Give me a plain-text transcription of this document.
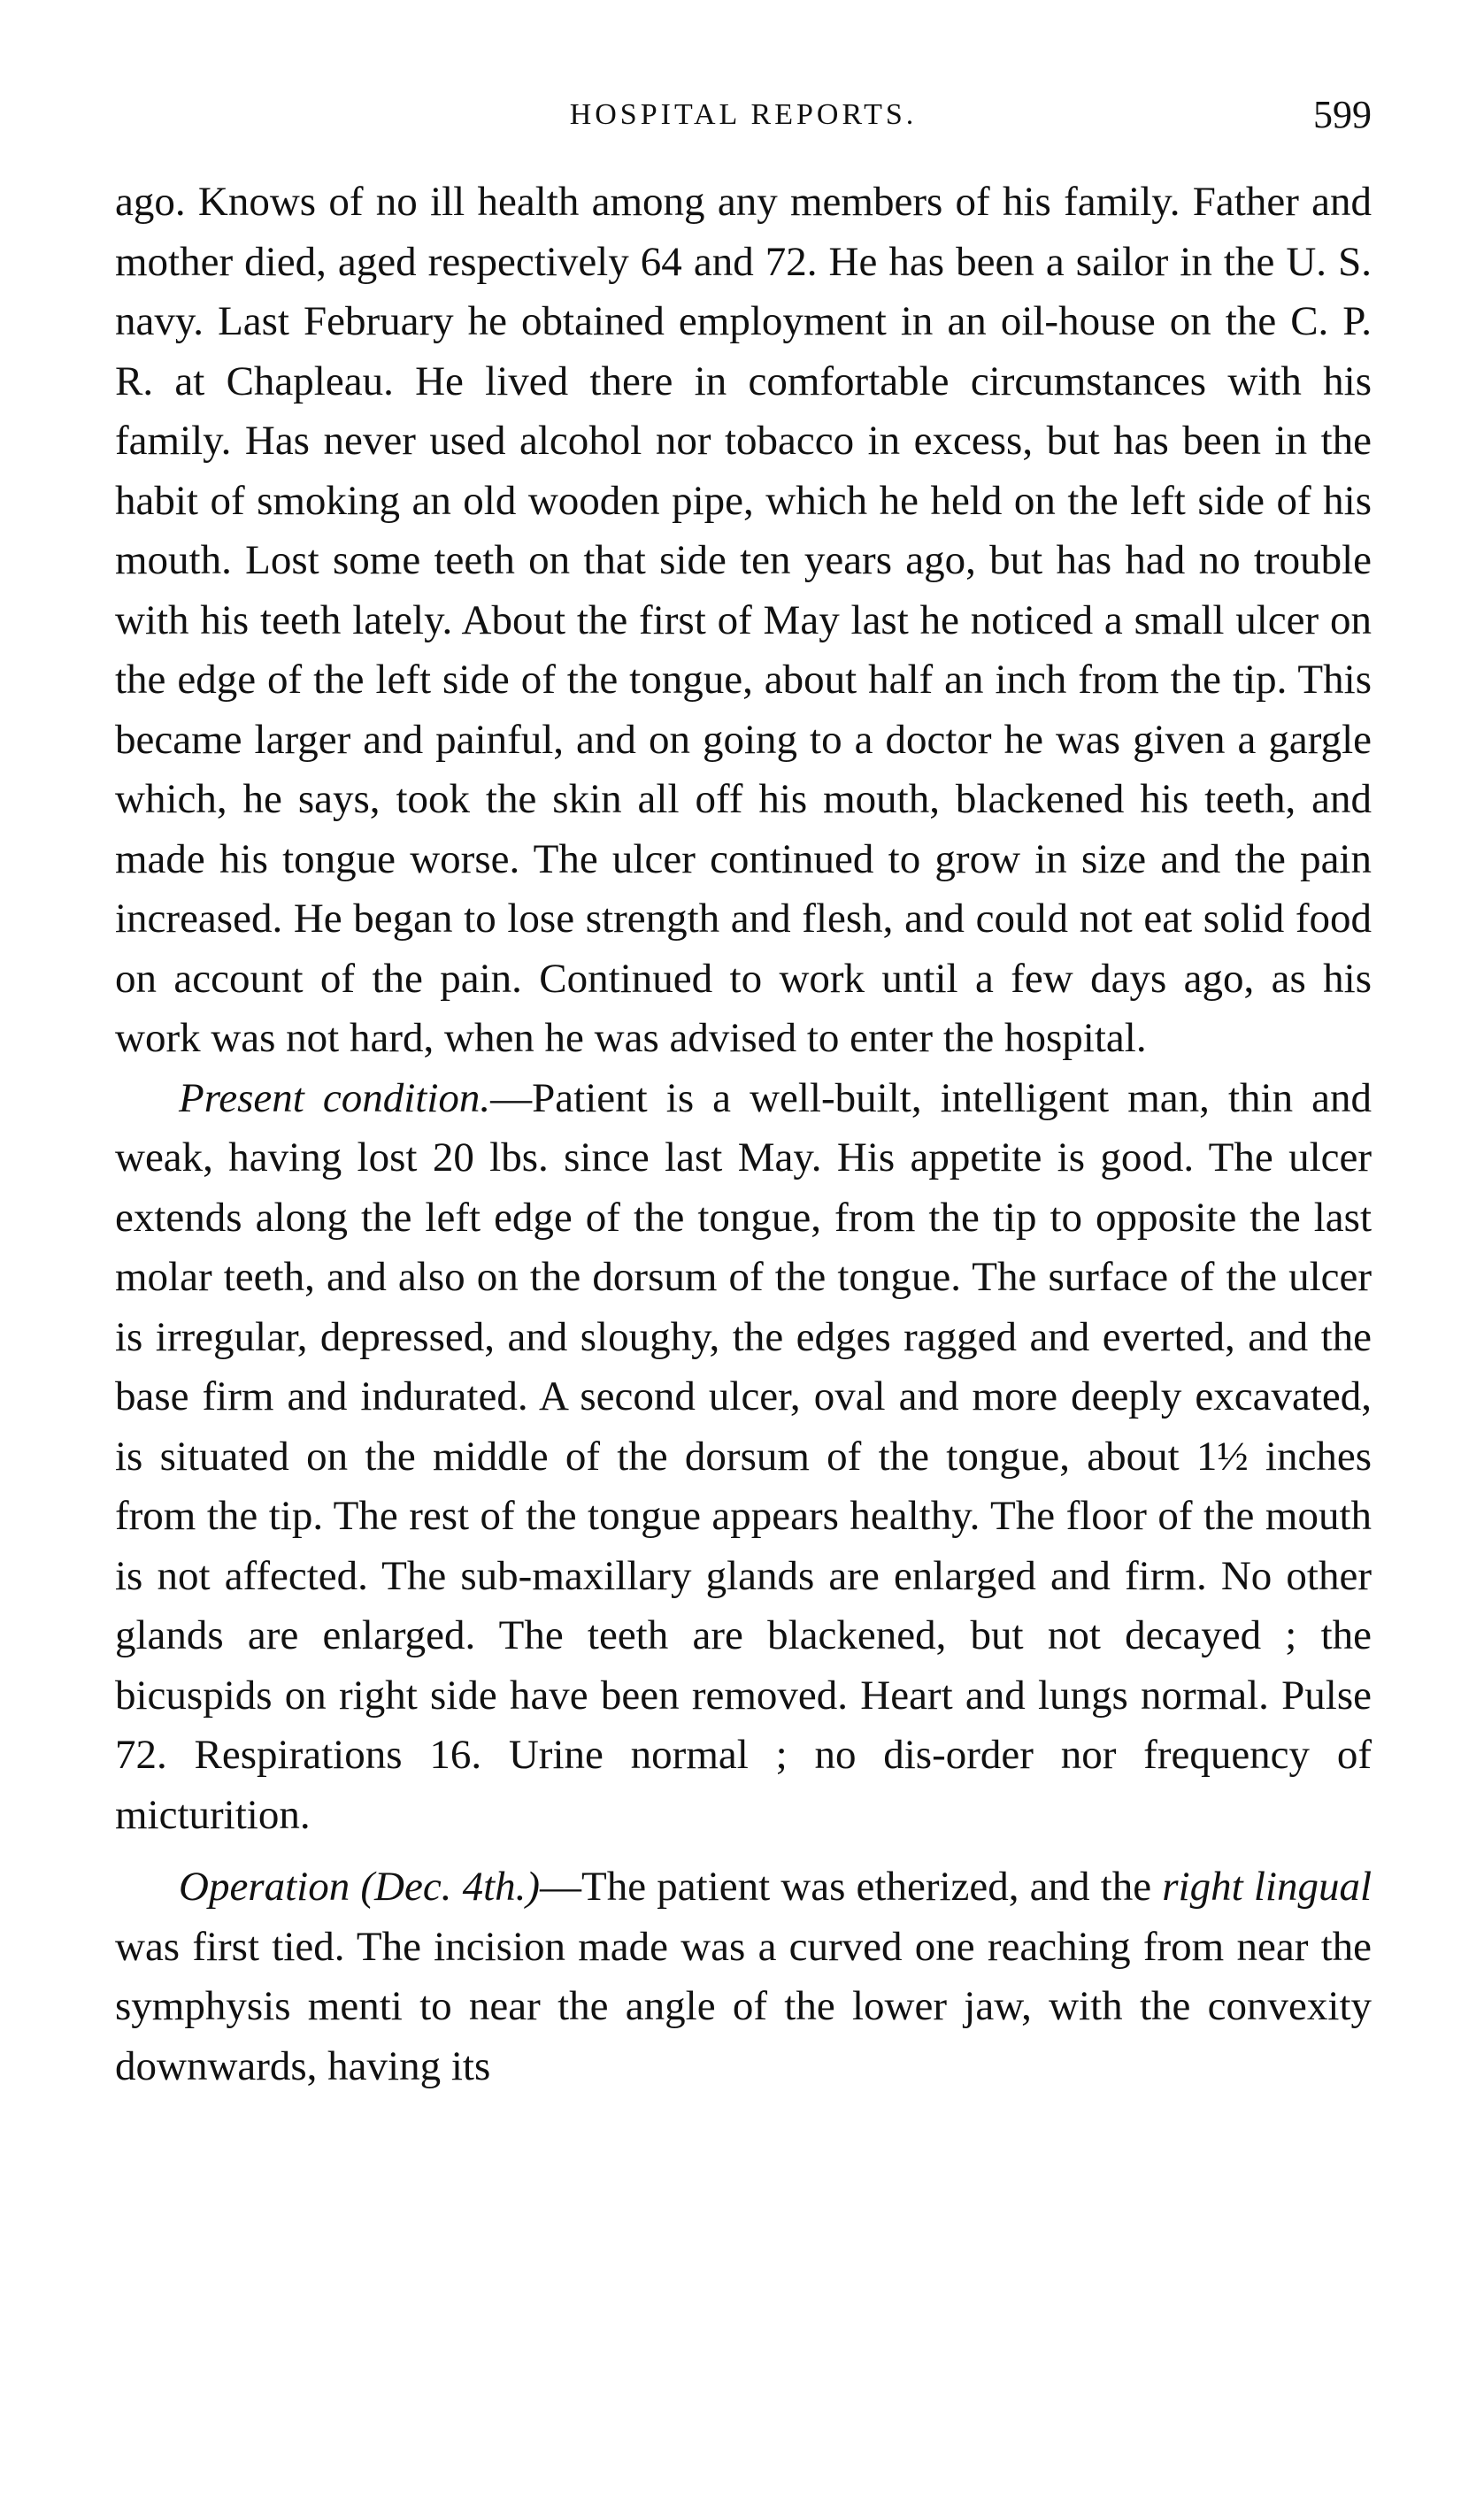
HOSPITAL REPORTS.	599

ago. Knows of no ill health among any members of his family. Father and mother died, aged respectively 64 and 72. He has been a sailor in the U. S. navy. Last February he obtained employment in an oil-house on the C. P. R. at Chapleau. He lived there in comfortable circumstances with his family. Has never used alcohol nor tobacco in excess, but has been in the habit of smoking an old wooden pipe, which he held on the left side of his mouth. Lost some teeth on that side ten years ago, but has had no trouble with his teeth lately. About the first of May last he noticed a small ulcer on the edge of the left side of the tongue, about half an inch from the tip. This became larger and painful, and on going to a doctor he was given a gargle which, he says, took the skin all off his mouth, blackened his teeth, and made his tongue worse. The ulcer continued to grow in size and the pain increased. He began to lose strength and flesh, and could not eat solid food on account of the pain. Continued to work until a few days ago, as his work was not hard, when he was advised to enter the hospital.

Present condition.—Patient is a well-built, intelligent man, thin and weak, having lost 20 lbs. since last May. His appetite is good. The ulcer extends along the left edge of the tongue, from the tip to opposite the last molar teeth, and also on the dorsum of the tongue. The surface of the ulcer is irregular, depressed, and sloughy, the edges ragged and everted, and the base firm and indurated. A second ulcer, oval and more deeply excavated, is situated on the middle of the dorsum of the tongue, about 1½ inches from the tip. The rest of the tongue appears healthy. The floor of the mouth is not affected. The sub-maxillary glands are enlarged and firm. No other glands are enlarged. The teeth are blackened, but not decayed ; the bicuspids on right side have been removed. Heart and lungs normal. Pulse 72. Respirations 16. Urine normal ; no dis-order nor frequency of micturition.

Operation (Dec. 4th.)—The patient was etherized, and the right lingual was first tied. The incision made was a curved one reaching from near the symphysis menti to near the angle of the lower jaw, with the convexity downwards, having its
